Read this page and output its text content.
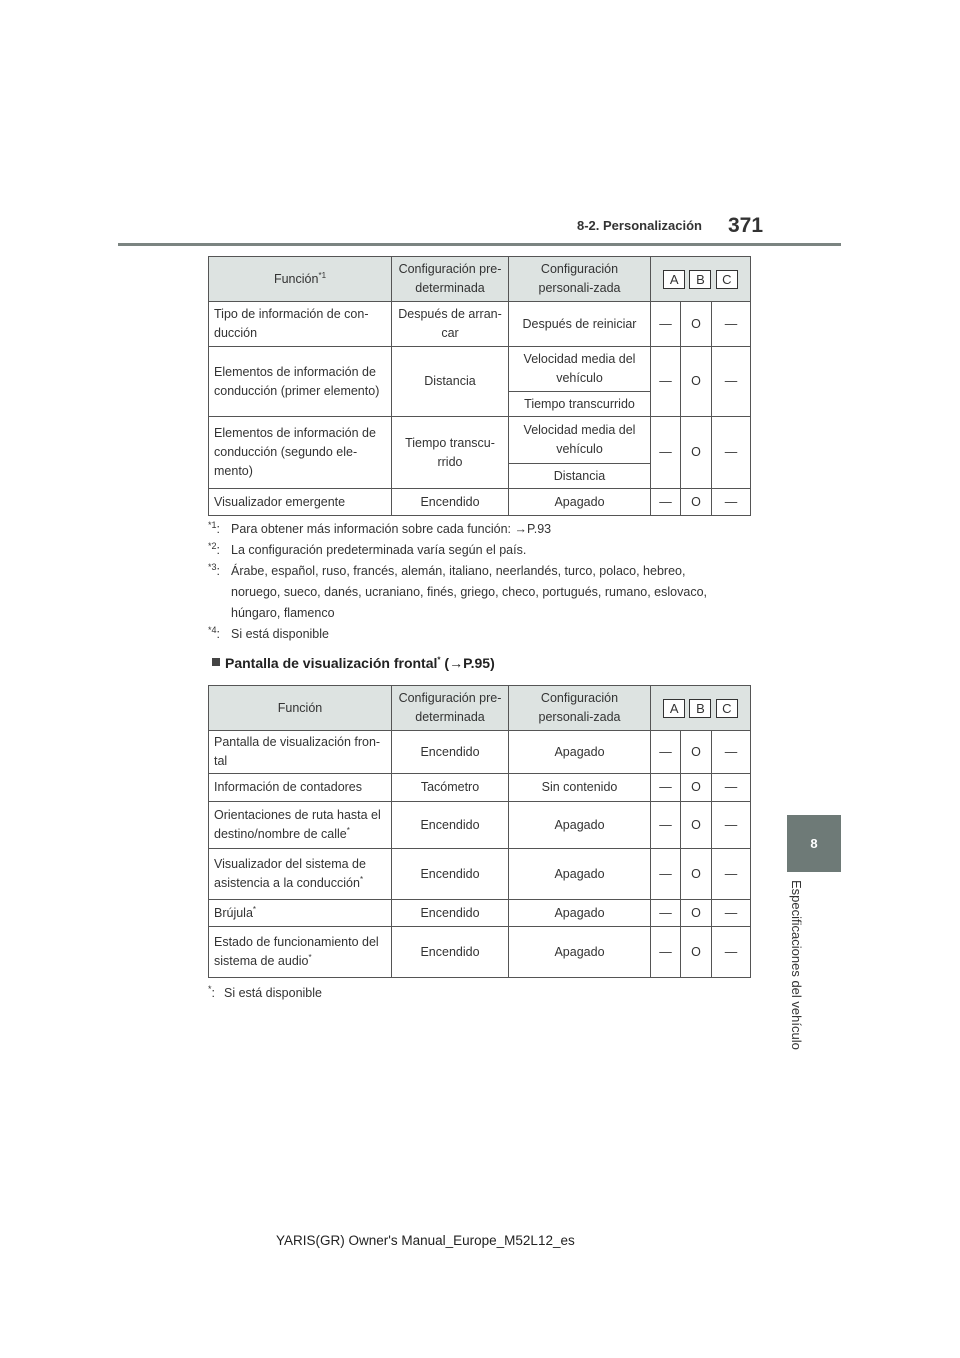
8-2. Personalización 371
8
Especificaciones del vehículo
Función$^{*1}$	Configuración pre-determinada	Configuración personali-zada	A B C		

Tipo de información de con-ducción	Después de arran-car	Después de reiniciar	—	O	—
Elementos de información de conducción (primer elemento)	Distancia	Velocidad media del vehículo	—	O	—
		Tiempo transcurrido			
Elementos de información de conducción (segundo ele-mento)	Tiempo transcu-rrido	Velocidad media del vehículo	—	O	—
		Distancia			
Visualizador emergente	Encendido	Apagado	—	O	—
$^{*1}$: Para obtener más información sobre cada función: →P.93
$^{*2}$: La configuración predeterminada varía según el país.
$^{*3}$: Árabe, español, ruso, francés, alemán, italiano, neerlandés, turco, polaco, hebreo, noruego, sueco, danés, ucraniano, finés, griego, checo, portugués, rumano, eslovaco, húngaro, flamenco
$^{*4}$: Si está disponible
Pantalla de visualización frontal* (→P.95)
Función	Configuración pre-determinada	Configuración personali-zada	A B C		

Pantalla de visualización fron-tal	Encendido	Apagado	—	O	—
Información de contadores	Tacómetro	Sin contenido	—	O	—
Orientaciones de ruta hasta el destino/nombre de calle*	Encendido	Apagado	—	O	—
Visualizador del sistema de asistencia a la conducción*	Encendido	Apagado	—	O	—
Brújula*	Encendido	Apagado	—	O	—
Estado de funcionamiento del sistema de audio*	Encendido	Apagado	—	O	—
*: Si está disponible
YARIS(GR) Owner's Manual_Europe_M52L12_es
